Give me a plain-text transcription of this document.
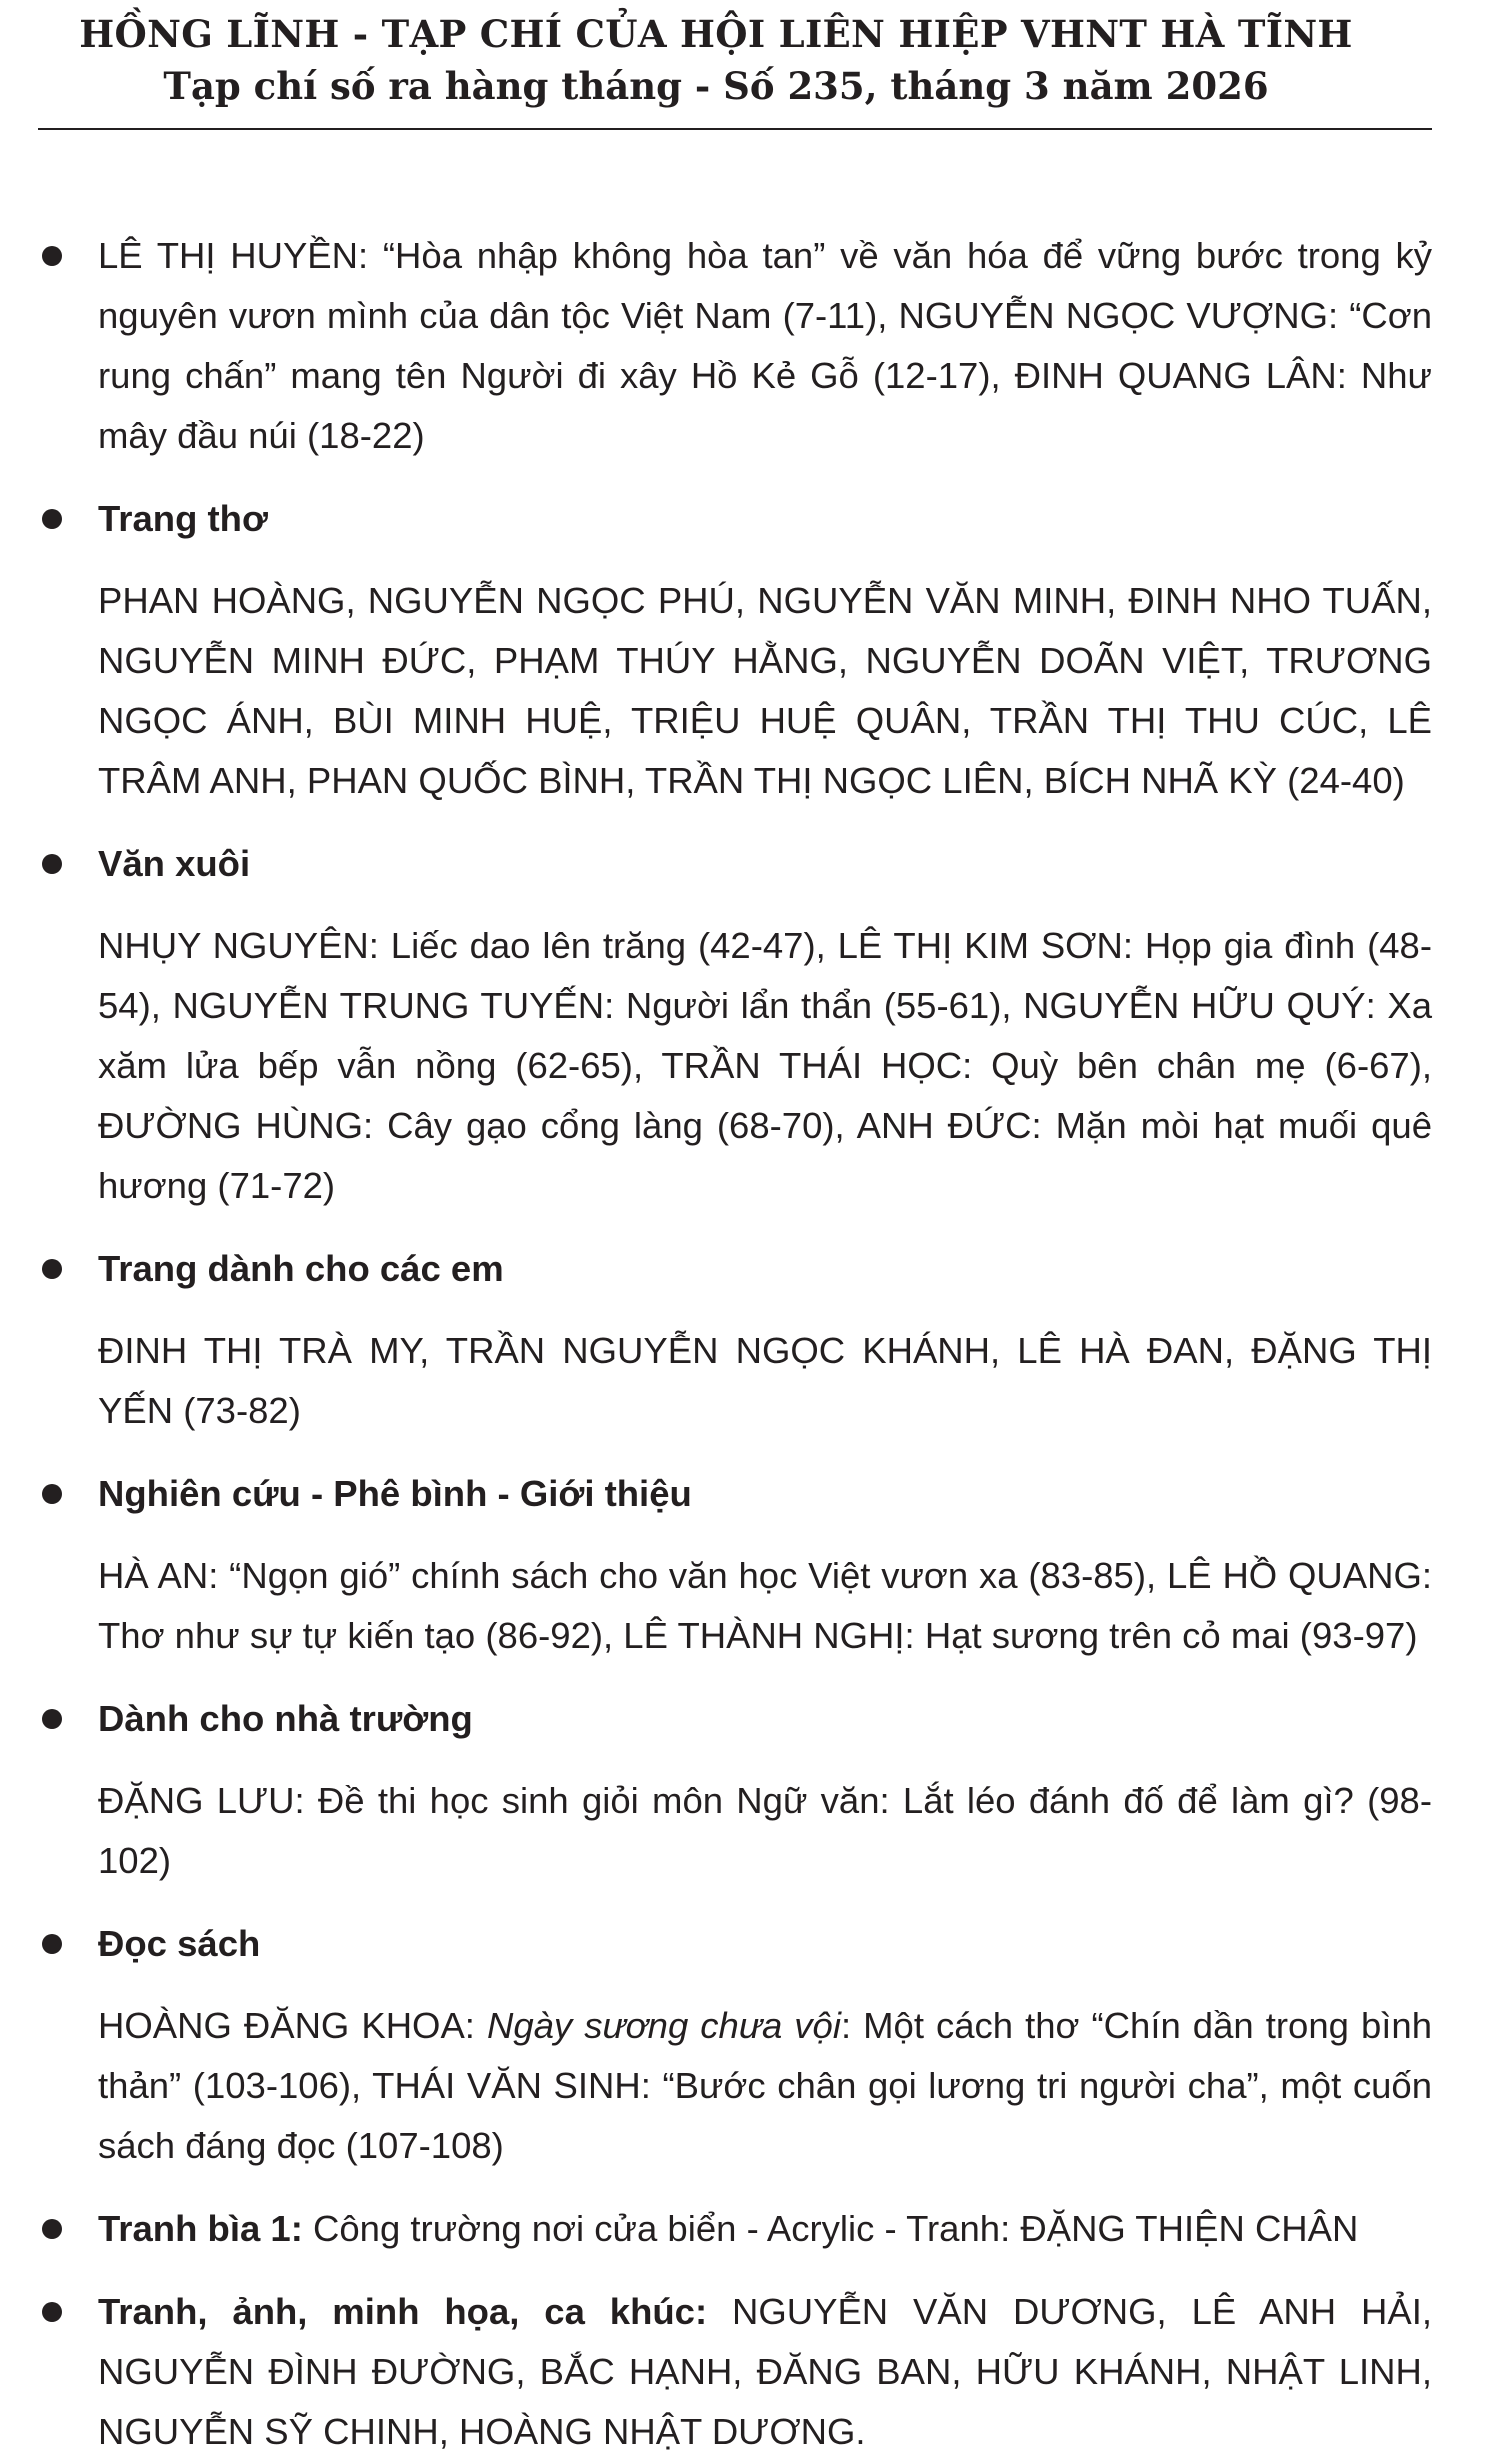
HỒNG LĨNH - TẠP CHÍ CỦA HỘI LIÊN HIỆP VHNT HÀ TĨNH
Tạp chí số ra hàng tháng - Số 235, tháng 3 năm 2026

LÊ THỊ HUYỀN: “Hòa nhập không hòa tan” về văn hóa để vững bước trong kỷ nguyên vươn mình của dân tộc Việt Nam (7-11), NGUYỄN NGỌC VƯỢNG: “Cơn rung chấn” mang tên Người đi xây Hồ Kẻ Gỗ (12-17), ĐINH QUANG LÂN: Như mây đầu núi (18-22)

Trang thơ

PHAN HOÀNG, NGUYỄN NGỌC PHÚ, NGUYỄN VĂN MINH, ĐINH NHO TUẤN, NGUYỄN MINH ĐỨC, PHẠM THÚY HẰNG, NGUYỄN DOÃN VIỆT, TRƯƠNG NGỌC ÁNH, BÙI MINH HUỆ, TRIỆU HUỆ QUÂN, TRẦN THỊ THU CÚC, LÊ TRÂM ANH, PHAN QUỐC BÌNH, TRẦN THỊ NGỌC LIÊN, BÍCH NHÃ KỲ (24-40)

Văn xuôi

NHỤY NGUYÊN: Liếc dao lên trăng (42-47), LÊ THỊ KIM SƠN: Họp gia đình (48-54), NGUYỄN TRUNG TUYẾN: Người lẩn thẩn (55-61), NGUYỄN HỮU QUÝ: Xa xăm lửa bếp vẫn nồng (62-65), TRẦN THÁI HỌC: Quỳ bên chân mẹ (6-67), ĐƯỜNG HÙNG: Cây gạo cổng làng (68-70), ANH ĐỨC: Mặn mòi hạt muối quê hương (71-72)

Trang dành cho các em

ĐINH THỊ TRÀ MY, TRẦN NGUYỄN NGỌC KHÁNH, LÊ HÀ ĐAN, ĐẶNG THỊ YẾN (73-82)

Nghiên cứu - Phê bình - Giới thiệu

HÀ AN: “Ngọn gió” chính sách cho văn học Việt vươn xa (83-85), LÊ HỒ QUANG: Thơ như sự tự kiến tạo (86-92), LÊ THÀNH NGHỊ: Hạt sương trên cỏ mai (93-97)

Dành cho nhà trường

ĐẶNG LƯU: Đề thi học sinh giỏi môn Ngữ văn: Lắt léo đánh đố để làm gì? (98-102)

Đọc sách

HOÀNG ĐĂNG KHOA: Ngày sương chưa vội: Một cách thơ “Chín dần trong bình thản” (103-106), THÁI VĂN SINH: “Bước chân gọi lương tri người cha”, một cuốn sách đáng đọc (107-108)

Tranh bìa 1: Công trường nơi cửa biển - Acrylic - Tranh: ĐẶNG THIỆN CHÂN

Tranh, ảnh, minh họa, ca khúc: NGUYỄN VĂN DƯƠNG, LÊ ANH HẢI, NGUYỄN ĐÌNH ĐƯỜNG, BẮC HẠNH, ĐĂNG BAN, HỮU KHÁNH, NHẬT LINH, NGUYỄN SỸ CHINH, HOÀNG NHẬT DƯƠNG.
